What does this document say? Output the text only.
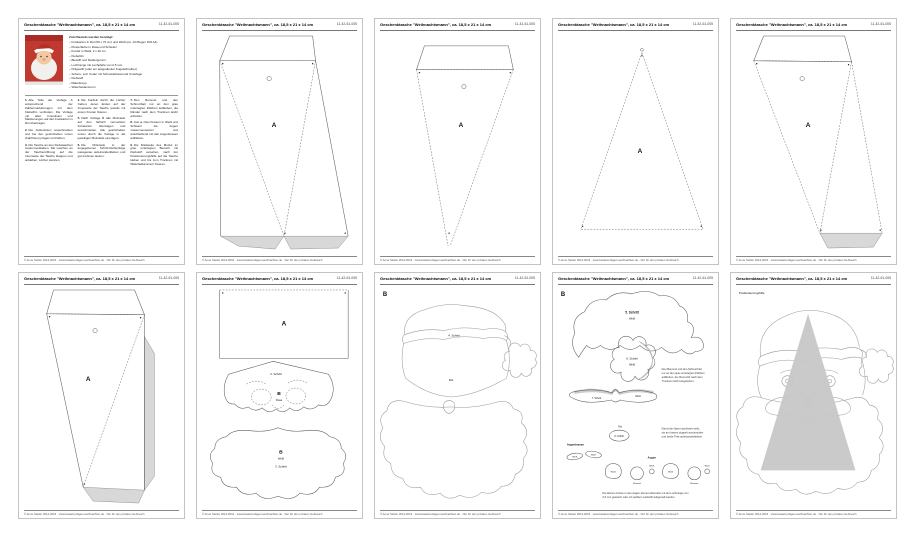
Geschenktasche "Weihnachtsmann", ca. 18,5 x 21 x 14 cm	11-42-61-005
Zum Basteln werden benötigt:
– Fotokarton in Rot (50 x 70 cm) und Weiß (ca. 1/4 Bogen DIN A4)
– Plusterfarbe in Rosa und Schwarz
– Kordel in Weiß, 2 x 40 cm
– Klebefilm
– Bleistift und Radiergummi
– Lochzange mit Lochpfeife von 2,5 mm
– Prägestift (oder ein ausgedienter Kugelschreiber)
– Schere, evtl. Cutter mit Schneidelineal und Unterlage
– Klebstoff
– Malerkrepp
– Wäscheklammern

1.Alle Teile der Vorlage A entsprechend der Zahlenmarkierungen mit dem Klebefilm verbinden. Die Vorlage mit allen Innenlinien und Markierungen auf den Fotokarton in Rot übertragen.

2.Die Außenlinien ausschneiden und bei den gestrichelten Linien (Falzlinien) prägen und falzen.

3.Die Tasche an den Klebelaschen zusammenkleben. Die Laschen an der Taschenöffnung auf die Innenseite der Tasche klappen und ankleben. Löcher stanzen.

4.Die Kordeln durch die Löcher ziehen, deren Enden auf der Innenseite der Tasche jeweils mit einem Knoten fixieren.

5.Nach Vorlage B alle Motivteile auf den farblich vermerkten Fotokarton übertragen und ausschneiden. Alle gestrichelten Linien durch die Vorlage in die jeweiligen Motivteile einprägen.

6.Die Motivteile in der angegebenen Schritt-Reihenfolge passgenau aufeinanderkleben und gut trocknen lassen.

7.Den Bommel und den Schnurrbart nur an den grau unterlegten Flächen aufkleben, die Ränder nach dem Trocknen leicht anheben.

8.Aus je zwei Kreisen in Weiß und Schwarz die Augen zusammensetzen und anschließend mit den Augenbrauen aufkleben.

9.Die Rückseite des Motivs im grau unterlegten Bereich mit Klebstoff versehen, nach der Positionierungshilfe auf die Tasche kleben und bis zum Trocknen mit Wäscheklammern fixieren.

© Anne Stelter 2014-2016 · www.bastelvorlagen-weihnachten.de · Nur für den privaten Gebrauch
Geschenktasche "Weihnachtsmann", ca. 18,5 x 21 x 14 cm	11-42-61-005
A
© Anne Stelter 2014-2016 · www.bastelvorlagen-weihnachten.de · Nur für den privaten Gebrauch
Geschenktasche "Weihnachtsmann", ca. 18,5 x 21 x 14 cm	11-42-61-005
A
© Anne Stelter 2014-2016 · www.bastelvorlagen-weihnachten.de · Nur für den privaten Gebrauch
Geschenktasche "Weihnachtsmann", ca. 18,5 x 21 x 14 cm	11-42-61-005
A
© Anne Stelter 2014-2016 · www.bastelvorlagen-weihnachten.de · Nur für den privaten Gebrauch
Geschenktasche "Weihnachtsmann", ca. 18,5 x 21 x 14 cm	11-42-61-005
A
© Anne Stelter 2014-2016 · www.bastelvorlagen-weihnachten.de · Nur für den privaten Gebrauch
Geschenktasche "Weihnachtsmann", ca. 18,5 x 21 x 14 cm	11-42-61-005
A
© Anne Stelter 2014-2016 · www.bastelvorlagen-weihnachten.de · Nur für den privaten Gebrauch
Geschenktasche "Weihnachtsmann", ca. 18,5 x 21 x 14 cm	11-42-61-005
A
2. Schritt
B
Rosa
B
Weiß
3. Schritt
© Anne Stelter 2014-2016 · www.bastelvorlagen-weihnachten.de · Nur für den privaten Gebrauch
Geschenktasche "Weihnachtsmann", ca. 18,5 x 21 x 14 cm	11-42-61-005
B
4. Schritt
Rot
© Anne Stelter 2014-2016 · www.bastelvorlagen-weihnachten.de · Nur für den privaten Gebrauch
Geschenktasche "Weihnachtsmann", ca. 18,5 x 21 x 14 cm	11-42-61-005
B
5. Schritt
Weiß
6. Schritt
Weiß
Den Bommel und den Schnurrbart
nur an den grau unterlegten Flächen
aufkleben, der Rest wird nach dem
Trocknen leicht angehoben.
7. Schritt
Weiß
Rot
8. Schritt
Damit die Nase räumlicher wirkt,
sie am besten doppelt zuschneiden
und beide Teile aufeinanderkleben.
Augenbrauen
Weiß
Weiß
Augen
Weiß
Schwarz
Weiß
Weiß
Schwarz
Weiß
Die kleinen Kreise in den Augen können alternativ mit der Lochzange von
2,5 mm gestanzt oder mit weißem Lackstift aufgemalt werden.
© Anne Stelter 2014-2016 · www.bastelvorlagen-weihnachten.de · Nur für den privaten Gebrauch
Geschenktasche "Weihnachtsmann", ca. 18,5 x 21 x 14 cm	11-42-61-005
Positionierungshilfe
© Anne Stelter 2014-2016 · www.bastelvorlagen-weihnachten.de · Nur für den privaten Gebrauch
